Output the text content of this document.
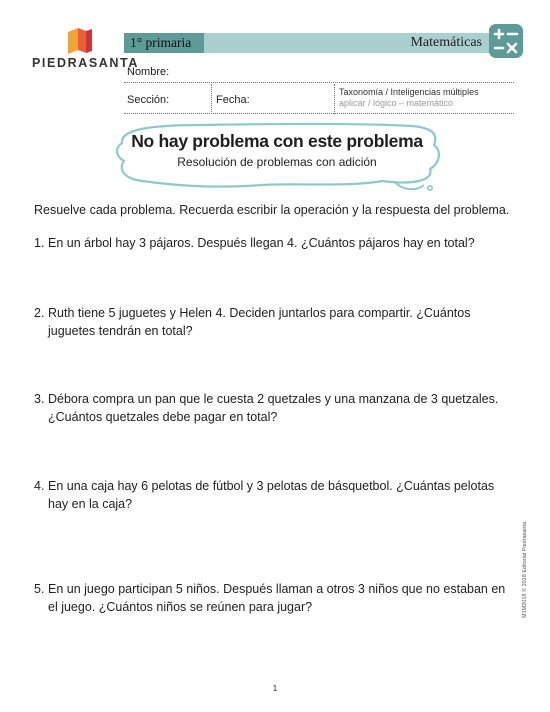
PIEDRASANTA
1° primaria	Matemáticas
Nombre:
Sección:	Fecha:
Taxonomía / Inteligencias múltiples
aplicar / lógico – matemático
No hay problema con este problema
Resolución de problemas con adición
Resuelve cada problema. Recuerda escribir la operación y la respuesta del problema.
1. En un árbol hay 3 pájaros. Después llegan 4. ¿Cuántos pájaros hay en total?
2. Ruth tiene 5 juguetes y Helen 4. Deciden juntarlos para compartir. ¿Cuántos juguetes tendrán en total?
3. Débora compra un pan que le cuesta 2 quetzales y una manzana de 3 quetzales. ¿Cuántos quetzales debe pagar en total?
4. En una caja hay 6 pelotas de fútbol y 3 pelotas de básquetbol. ¿Cuántas pelotas hay en la caja?
5. En un juego participan 5 niños. Después llaman a otros 3 niños que no estaban en el juego. ¿Cuántos niños se reúnen para jugar?	M1M2018 © 2018 Editorial Piedrasanta
1
